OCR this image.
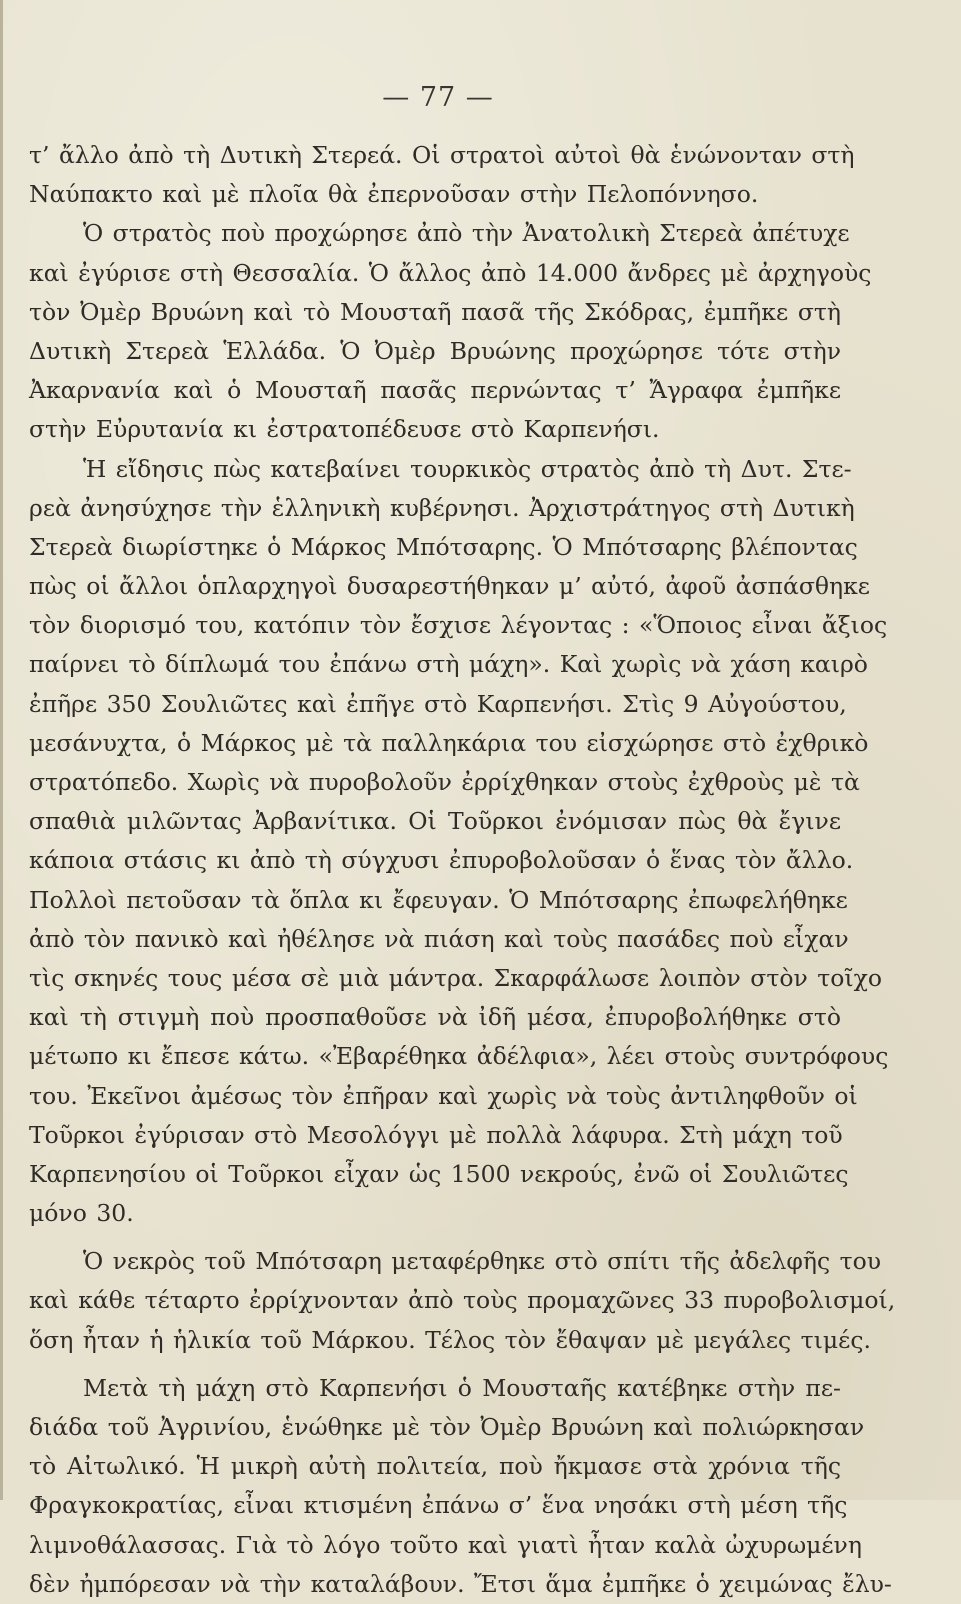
— 77 —
τ’ ἄλλο ἀπὸ τὴ Δυτικὴ Στερεά. Οἱ στρατοὶ αὐτοὶ θὰ ἑνώνονταν στὴ
Ναύπακτο καὶ μὲ πλοῖα θὰ ἐπερνοῦσαν στὴν Πελοπόννησο.
Ὁ στρατὸς ποὺ προχώρησε ἀπὸ τὴν Ἀνατολικὴ Στερεὰ ἀπέτυχε
καὶ ἐγύρισε στὴ Θεσσαλία. Ὁ ἄλλος ἀπὸ 14.000 ἄνδρες μὲ ἀρχηγοὺς
τὸν Ὀμὲρ Βρυώνη καὶ τὸ Μουσταῆ πασᾶ τῆς Σκόδρας, ἐμπῆκε στὴ
Δυτικὴ Στερεὰ Ἑλλάδα. Ὁ Ὀμὲρ Βρυώνης προχώρησε τότε στὴν
Ἀκαρνανία καὶ ὁ Μουσταῆ πασᾶς περνώντας τ’ Ἄγραφα ἐμπῆκε
στὴν Εὐρυτανία κι ἐστρατοπέδευσε στὸ Καρπενήσι.
Ἡ εἴδησις πὼς κατεβαίνει τουρκικὸς στρατὸς ἀπὸ τὴ Δυτ. Στε-
ρεὰ ἀνησύχησε τὴν ἑλληνικὴ κυβέρνησι. Ἀρχιστράτηγος στὴ Δυτικὴ
Στερεὰ διωρίστηκε ὁ Μάρκος Μπότσαρης. Ὁ Μπότσαρης βλέποντας
πὼς οἱ ἄλλοι ὁπλαρχηγοὶ δυσαρεστήθηκαν μ’ αὐτό, ἀφοῦ ἀσπάσθηκε
τὸν διορισμό του, κατόπιν τὸν ἔσχισε λέγοντας : «Ὅποιος εἶναι ἄξιος
παίρνει τὸ δίπλωμά του ἐπάνω στὴ μάχη». Καὶ χωρὶς νὰ χάση καιρὸ
ἐπῆρε 350 Σουλιῶτες καὶ ἐπῆγε στὸ Καρπενήσι. Στὶς 9 Αὐγούστου,
μεσάνυχτα, ὁ Μάρκος μὲ τὰ παλληκάρια του εἰσχώρησε στὸ ἐχθρικὸ
στρατόπεδο. Χωρὶς νὰ πυροβολοῦν ἐρρίχθηκαν στοὺς ἐχθροὺς μὲ τὰ
σπαθιὰ μιλῶντας Ἀρβανίτικα. Οἱ Τοῦρκοι ἐνόμισαν πὼς θὰ ἔγινε
κάποια στάσις κι ἀπὸ τὴ σύγχυσι ἐπυροβολοῦσαν ὁ ἕνας τὸν ἄλλο.
Πολλοὶ πετοῦσαν τὰ ὅπλα κι ἔφευγαν. Ὁ Μπότσαρης ἐπωφελήθηκε
ἀπὸ τὸν πανικὸ καὶ ἠθέλησε νὰ πιάση καὶ τοὺς πασάδες ποὺ εἶχαν
τὶς σκηνές τους μέσα σὲ μιὰ μάντρα. Σκαρφάλωσε λοιπὸν στὸν τοῖχο
καὶ τὴ στιγμὴ ποὺ προσπαθοῦσε νὰ ἰδῆ μέσα, ἐπυροβολήθηκε στὸ
μέτωπο κι ἔπεσε κάτω. «Ἐβαρέθηκα ἀδέλφια», λέει στοὺς συντρόφους
του. Ἐκεῖνοι ἀμέσως τὸν ἐπῆραν καὶ χωρὶς νὰ τοὺς ἀντιληφθοῦν οἱ
Τοῦρκοι ἐγύρισαν στὸ Μεσολόγγι μὲ πολλὰ λάφυρα. Στὴ μάχη τοῦ
Καρπενησίου οἱ Τοῦρκοι εἶχαν ὡς 1500 νεκρούς, ἐνῶ οἱ Σουλιῶτες
μόνο 30.
Ὁ νεκρὸς τοῦ Μπότσαρη μεταφέρθηκε στὸ σπίτι τῆς ἀδελφῆς του
καὶ κάθε τέταρτο ἐρρίχνονταν ἀπὸ τοὺς προμαχῶνες 33 πυροβολισμοί,
ὅση ἦταν ἡ ἡλικία τοῦ Μάρκου. Τέλος τὸν ἔθαψαν μὲ μεγάλες τιμές.
Μετὰ τὴ μάχη στὸ Καρπενήσι ὁ Μουσταῆς κατέβηκε στὴν πε-
διάδα τοῦ Ἀγρινίου, ἑνώθηκε μὲ τὸν Ὀμὲρ Βρυώνη καὶ πολιώρκησαν
τὸ Αἰτωλικό. Ἡ μικρὴ αὐτὴ πολιτεία, ποὺ ἤκμασε στὰ χρόνια τῆς
Φραγκοκρατίας, εἶναι κτισμένη ἐπάνω σ’ ἕνα νησάκι στὴ μέση τῆς
λιμνοθάλασσας. Γιὰ τὸ λόγο τοῦτο καὶ γιατὶ ἦταν καλὰ ὠχυρωμένη
δὲν ἠμπόρεσαν νὰ τὴν καταλάβουν. Ἔτσι ἅμα ἐμπῆκε ὁ χειμώνας ἔλυ-
